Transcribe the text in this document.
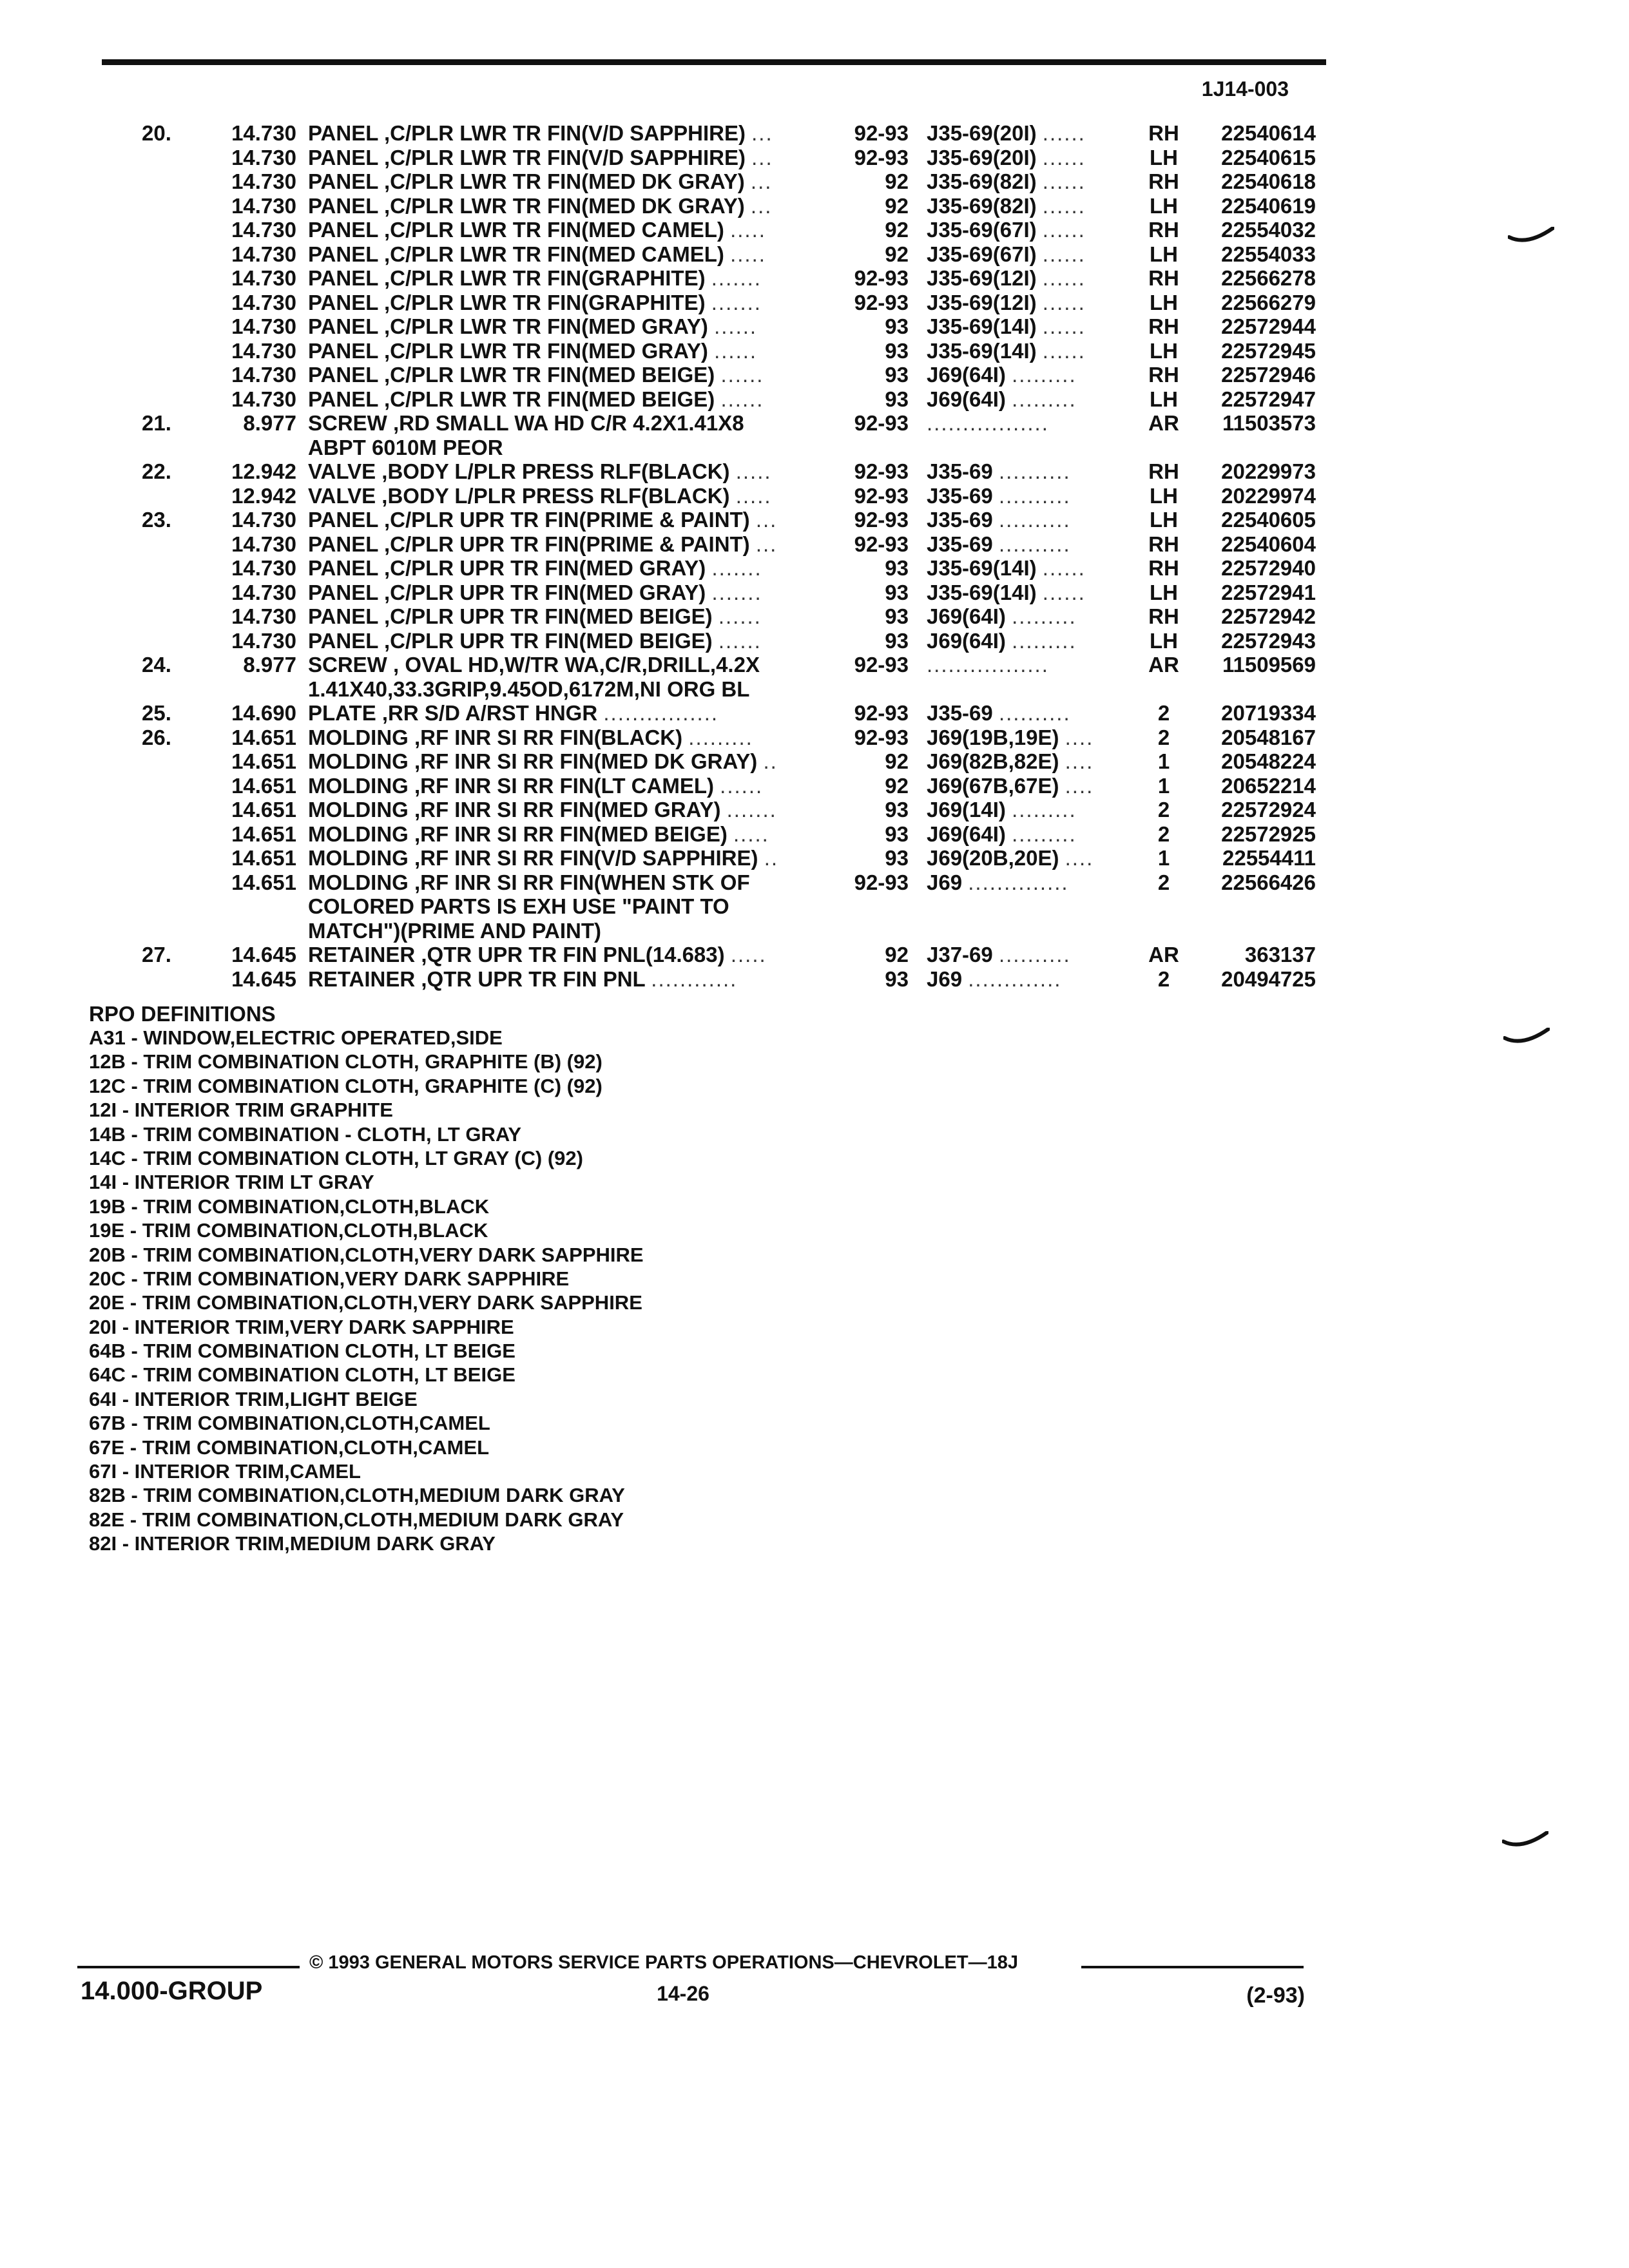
1J14-003
20.	14.730 PANEL ,C/PLR LWR TR FIN(V/D SAPPHIRE) ...	92-93 J35-69(20I) ......	RH	22540614
14.730 PANEL ,C/PLR LWR TR FIN(V/D SAPPHIRE) ...	92-93 J35-69(20I) ......	LH	22540615
14.730 PANEL ,C/PLR LWR TR FIN(MED DK GRAY) ...	92 J35-69(82I) ......	RH	22540618
14.730 PANEL ,C/PLR LWR TR FIN(MED DK GRAY) ...	92 J35-69(82I) ......	LH	22540619
14.730 PANEL ,C/PLR LWR TR FIN(MED CAMEL) .....	92 J35-69(67I) ......	RH	22554032
14.730 PANEL ,C/PLR LWR TR FIN(MED CAMEL) .....	92 J35-69(67I) ......	LH	22554033
14.730 PANEL ,C/PLR LWR TR FIN(GRAPHITE) .......	92-93 J35-69(12I) ......	RH	22566278
14.730 PANEL ,C/PLR LWR TR FIN(GRAPHITE) .......	92-93 J35-69(12I) ......	LH	22566279
14.730 PANEL ,C/PLR LWR TR FIN(MED GRAY) ......	93 J35-69(14I) ......	RH	22572944
14.730 PANEL ,C/PLR LWR TR FIN(MED GRAY) ......	93 J35-69(14I) ......	LH	22572945
14.730 PANEL ,C/PLR LWR TR FIN(MED BEIGE) ......	93 J69(64I) .........	RH	22572946
14.730 PANEL ,C/PLR LWR TR FIN(MED BEIGE) ......	93 J69(64I) .........	LH	22572947
21.	8.977 SCREW ,RD SMALL WA HD C/R 4.2X1.41X8	92-93 .................	AR	11503573
ABPT 6010M PEOR
22.	12.942 VALVE ,BODY L/PLR PRESS RLF(BLACK) .....	92-93 J35-69 ..........	RH	20229973
12.942 VALVE ,BODY L/PLR PRESS RLF(BLACK) .....	92-93 J35-69 ..........	LH	20229974
23.	14.730 PANEL ,C/PLR UPR TR FIN(PRIME & PAINT) ...	92-93 J35-69 ..........	LH	22540605
14.730 PANEL ,C/PLR UPR TR FIN(PRIME & PAINT) ...	92-93 J35-69 ..........	RH	22540604
14.730 PANEL ,C/PLR UPR TR FIN(MED GRAY) .......	93 J35-69(14I) ......	RH	22572940
14.730 PANEL ,C/PLR UPR TR FIN(MED GRAY) .......	93 J35-69(14I) ......	LH	22572941
14.730 PANEL ,C/PLR UPR TR FIN(MED BEIGE) ......	93 J69(64I) .........	RH	22572942
14.730 PANEL ,C/PLR UPR TR FIN(MED BEIGE) ......	93 J69(64I) .........	LH	22572943
24.	8.977 SCREW , OVAL HD,W/TR WA,C/R,DRILL,4.2X	92-93 .................	AR	11509569
1.41X40,33.3GRIP,9.45OD,6172M,NI ORG BL
25.	14.690 PLATE ,RR S/D A/RST HNGR ................	92-93 J35-69 ..........	2	20719334
26.	14.651 MOLDING ,RF INR SI RR FIN(BLACK) .........	92-93 J69(19B,19E) ....	2	20548167
14.651 MOLDING ,RF INR SI RR FIN(MED DK GRAY) ..	92 J69(82B,82E) ....	1	20548224
14.651 MOLDING ,RF INR SI RR FIN(LT CAMEL) ......	92 J69(67B,67E) ....	1	20652214
14.651 MOLDING ,RF INR SI RR FIN(MED GRAY) .......	93 J69(14I) .........	2	22572924
14.651 MOLDING ,RF INR SI RR FIN(MED BEIGE) .....	93 J69(64I) .........	2	22572925
14.651 MOLDING ,RF INR SI RR FIN(V/D SAPPHIRE) ..	93 J69(20B,20E) ....	1	22554411
14.651 MOLDING ,RF INR SI RR FIN(WHEN STK OF	92-93 J69 ..............	2	22566426
COLORED PARTS IS EXH USE "PAINT TO
MATCH")(PRIME AND PAINT)
27.	14.645 RETAINER ,QTR UPR TR FIN PNL(14.683) .....	92 J37-69 ..........	AR	363137
14.645 RETAINER ,QTR UPR TR FIN PNL ............	93 J69 .............	2	20494725
RPO DEFINITIONS
A31 - WINDOW,ELECTRIC OPERATED,SIDE
12B - TRIM COMBINATION CLOTH, GRAPHITE (B) (92)
12C - TRIM COMBINATION CLOTH, GRAPHITE (C) (92)
12I - INTERIOR TRIM GRAPHITE
14B - TRIM COMBINATION - CLOTH, LT GRAY
14C - TRIM COMBINATION CLOTH, LT GRAY (C) (92)
14I - INTERIOR TRIM LT GRAY
19B - TRIM COMBINATION,CLOTH,BLACK
19E - TRIM COMBINATION,CLOTH,BLACK
20B - TRIM COMBINATION,CLOTH,VERY DARK SAPPHIRE
20C - TRIM COMBINATION,VERY DARK SAPPHIRE
20E - TRIM COMBINATION,CLOTH,VERY DARK SAPPHIRE
20I - INTERIOR TRIM,VERY DARK SAPPHIRE
64B - TRIM COMBINATION CLOTH, LT BEIGE
64C - TRIM COMBINATION CLOTH, LT BEIGE
64I - INTERIOR TRIM,LIGHT BEIGE
67B - TRIM COMBINATION,CLOTH,CAMEL
67E - TRIM COMBINATION,CLOTH,CAMEL
67I - INTERIOR TRIM,CAMEL
82B - TRIM COMBINATION,CLOTH,MEDIUM DARK GRAY
82E - TRIM COMBINATION,CLOTH,MEDIUM DARK GRAY
82I - INTERIOR TRIM,MEDIUM DARK GRAY
© 1993 GENERAL MOTORS SERVICE PARTS OPERATIONS—CHEVROLET—18J
14.000-GROUP	14-26	(2-93)
